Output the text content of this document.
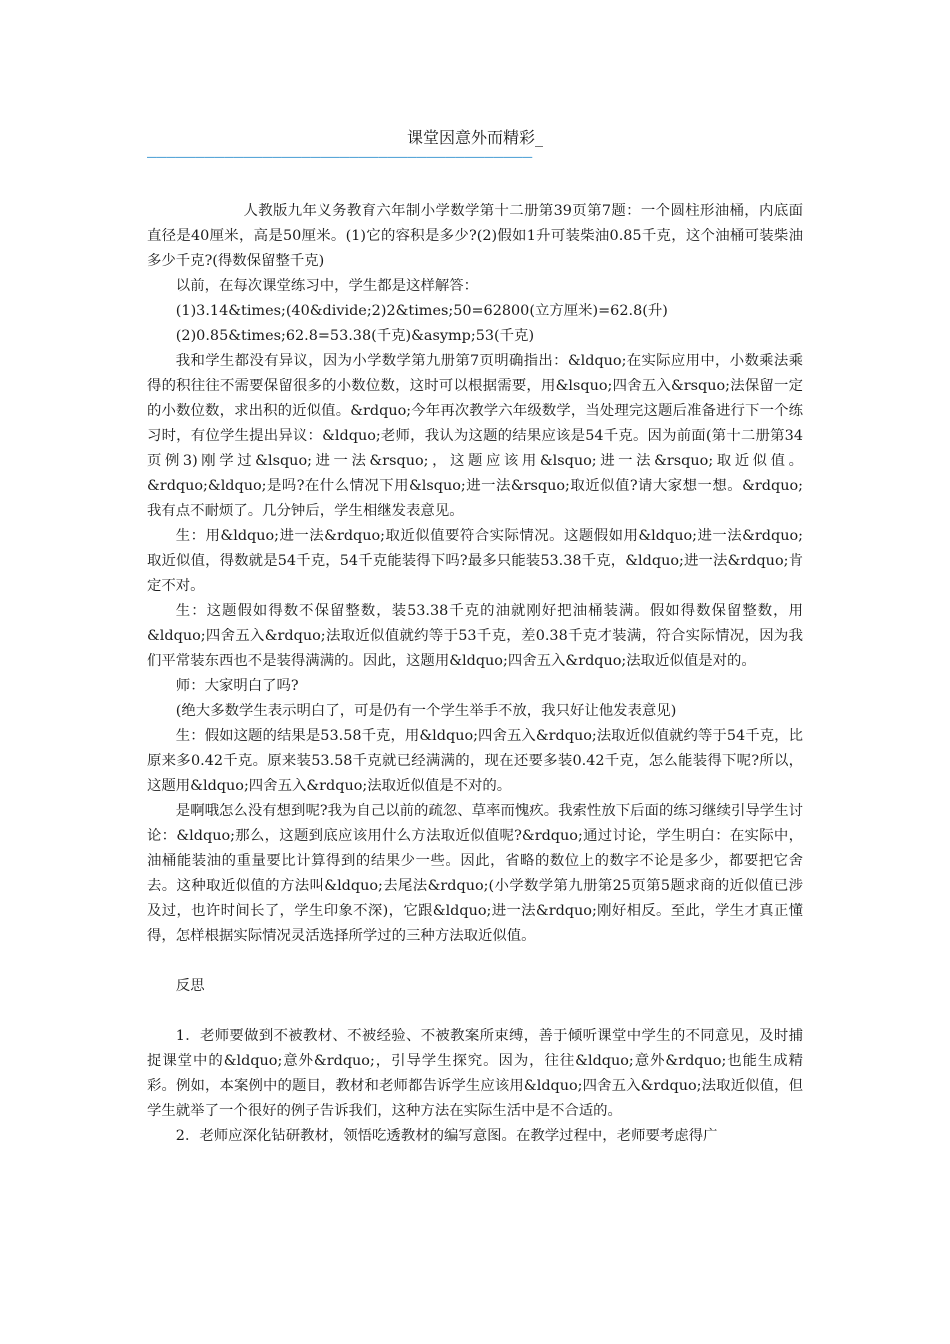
课堂因意外而精彩_
————————————————————————————————————————

人教版九年义务教育六年制小学数学第十二册第39页第7题：一个圆柱形油桶，内底面直径是40厘米，高是50厘米。(1)它的容积是多少?(2)假如1升可装柴油0.85千克，这个油桶可装柴油多少千克?(得数保留整千克)

以前，在每次课堂练习中，学生都是这样解答：

(1)3.14&times;(40&divide;2)2&times;50=62800(立方厘米)=62.8(升)

(2)0.85&times;62.8=53.38(千克)&asymp;53(千克)

我和学生都没有异议，因为小学数学第九册第7页明确指出：&ldquo;在实际应用中，小数乘法乘得的积往往不需要保留很多的小数位数，这时可以根据需要，用&lsquo;四舍五入&rsquo;法保留一定的小数位数，求出积的近似值。&rdquo;今年再次教学六年级数学，当处理完这题后准备进行下一个练习时，有位学生提出异议：&ldquo;老师，我认为这题的结果应该是54千克。因为前面(第十二册第34页例3)刚学过&lsquo;进一法&rsquo;，这题应该用&lsquo;进一法&rsquo;取近似值。&rdquo;&ldquo;是吗?在什么情况下用&lsquo;进一法&rsquo;取近似值?请大家想一想。&rdquo;我有点不耐烦了。几分钟后，学生相继发表意见。

生：用&ldquo;进一法&rdquo;取近似值要符合实际情况。这题假如用&ldquo;进一法&rdquo;取近似值，得数就是54千克，54千克能装得下吗?最多只能装53.38千克，&ldquo;进一法&rdquo;肯定不对。

生：这题假如得数不保留整数，装53.38千克的油就刚好把油桶装满。假如得数保留整数，用&ldquo;四舍五入&rdquo;法取近似值就约等于53千克，差0.38千克才装满，符合实际情况，因为我们平常装东西也不是装得满满的。因此，这题用&ldquo;四舍五入&rdquo;法取近似值是对的。

师：大家明白了吗?

(绝大多数学生表示明白了，可是仍有一个学生举手不放，我只好让他发表意见)

生：假如这题的结果是53.58千克，用&ldquo;四舍五入&rdquo;法取近似值就约等于54千克，比原来多0.42千克。原来装53.58千克就已经满满的，现在还要多装0.42千克，怎么能装得下呢?所以，这题用&ldquo;四舍五入&rdquo;法取近似值是不对的。

是啊哦怎么没有想到呢?我为自己以前的疏忽、草率而愧疚。我索性放下后面的练习继续引导学生讨论：&ldquo;那么，这题到底应该用什么方法取近似值呢?&rdquo;通过讨论，学生明白：在实际中，油桶能装油的重量要比计算得到的结果少一些。因此，省略的数位上的数字不论是多少，都要把它舍去。这种取近似值的方法叫&ldquo;去尾法&rdquo;(小学数学第九册第25页第5题求商的近似值已涉及过，也许时间长了，学生印象不深)，它跟&ldquo;进一法&rdquo;刚好相反。至此，学生才真正懂得，怎样根据实际情况灵活选择所学过的三种方法取近似值。

反思

1．老师要做到不被教材、不被经验、不被教案所束缚，善于倾听课堂中学生的不同意见，及时捕捉课堂中的&ldquo;意外&rdquo;，引导学生探究。因为，往往&ldquo;意外&rdquo;也能生成精彩。例如，本案例中的题目，教材和老师都告诉学生应该用&ldquo;四舍五入&rdquo;法取近似值，但学生就举了一个很好的例子告诉我们，这种方法在实际生活中是不合适的。

2．老师应深化钻研教材，领悟吃透教材的编写意图。在教学过程中，老师要考虑得广
